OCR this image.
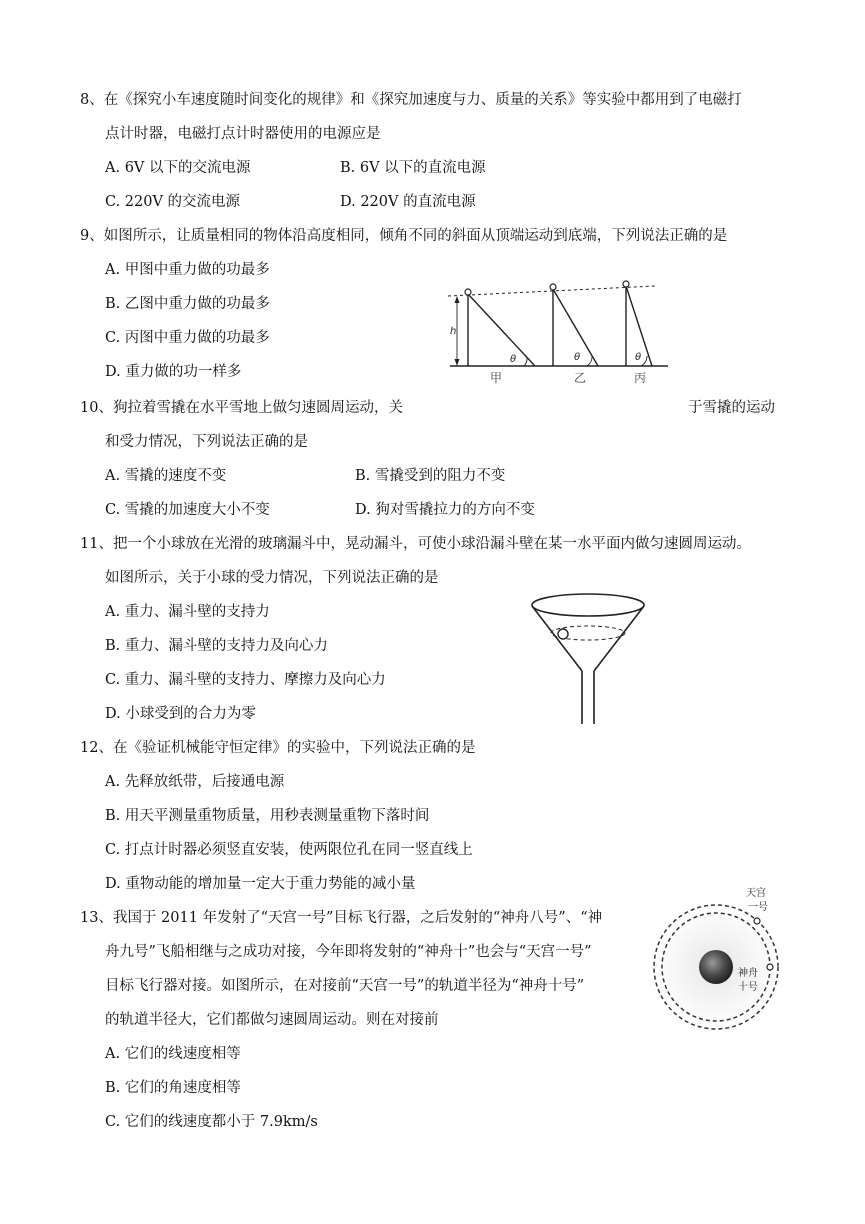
8、在《探究小车速度随时间变化的规律》和《探究加速度与力、质量的关系》等实验中都用到了电磁打
点计时器，电磁打点计时器使用的电源应是
A. 6V 以下的交流电源	B. 6V 以下的直流电源
C. 220V 的交流电源	D. 220V 的直流电源
9、如图所示，让质量相同的物体沿高度相同，倾角不同的斜面从顶端运动到底端，下列说法正确的是
A. 甲图中重力做的功最多
B. 乙图中重力做的功最多
C. 丙图中重力做的功最多
D. 重力做的功一样多
h
θ	θ	θ
甲	乙	丙
10、狗拉着雪撬在水平雪地上做匀速圆周运动，关	于雪撬的运动
和受力情况，下列说法正确的是
A. 雪撬的速度不变	B. 雪撬受到的阻力不变
C. 雪撬的加速度大小不变	D. 狗对雪撬拉力的方向不变
11、把一个小球放在光滑的玻璃漏斗中，晃动漏斗，可使小球沿漏斗壁在某一水平面内做匀速圆周运动。
如图所示，关于小球的受力情况，下列说法正确的是
A. 重力、漏斗壁的支持力
B. 重力、漏斗壁的支持力及向心力
C. 重力、漏斗壁的支持力、摩擦力及向心力
D. 小球受到的合力为零
12、在《验证机械能守恒定律》的实验中，下列说法正确的是
A. 先释放纸带，后接通电源
B. 用天平测量重物质量，用秒表测量重物下落时间
C. 打点计时器必须竖直安装，使两限位孔在同一竖直线上
D. 重物动能的增加量一定大于重力势能的减小量
13、我国于 2011 年发射了“天宫一号”目标飞行器，之后发射的“神舟八号”、“神
舟九号”飞船相继与之成功对接，今年即将发射的“神舟十”也会与“天宫一号”
目标飞行器对接。如图所示，在对接前“天宫一号”的轨道半径为“神舟十号”
的轨道半径大，它们都做匀速圆周运动。则在对接前
A. 它们的线速度相等
B. 它们的角速度相等
C. 它们的线速度都小于 7.9km/s
天宫
一号
神舟
十号
